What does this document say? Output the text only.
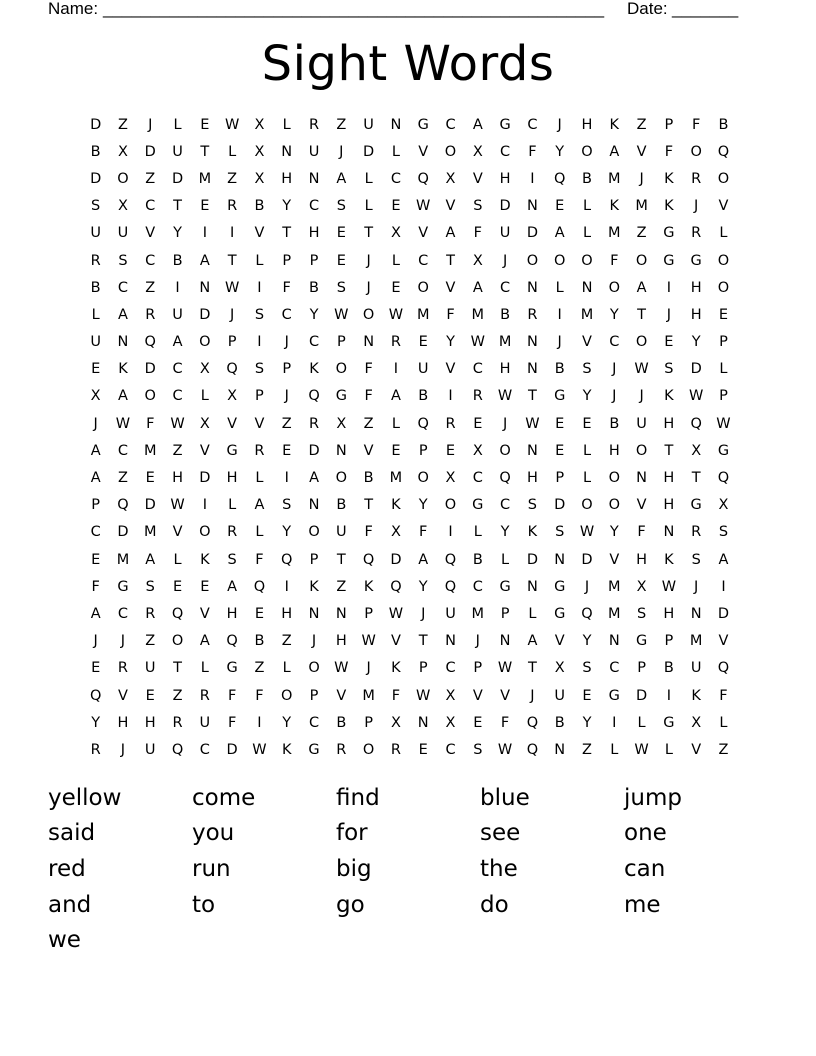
Name: _____________________________________________________ Date: _______
Sight Words
D	Z	J	L	E	W	X	L	R	Z	U	N	G	C	A	G	C	J	H	K	Z	P	F	B
B	X	D	U	T	L	X	N	U	J	D	L	V	O	X	C	F	Y	O	A	V	F	O	Q
D	O	Z	D	M	Z	X	H	N	A	L	C	Q	X	V	H	I	Q	B	M	J	K	R	O
S	X	C	T	E	R	B	Y	C	S	L	E	W	V	S	D	N	E	L	K	M	K	J	V
U	U	V	Y	I	I	V	T	H	E	T	X	V	A	F	U	D	A	L	M	Z	G	R	L
R	S	C	B	A	T	L	P	P	E	J	L	C	T	X	J	O	O	O	F	O	G	G	O
B	C	Z	I	N	W	I	F	B	S	J	E	O	V	A	C	N	L	N	O	A	I	H	O
L	A	R	U	D	J	S	C	Y	W O W M	F	M	B	R	I	M	Y	T	J	H	E
U	N	Q	A	O	P	I	J	C	P	N	R	E	Y	W M	N	J	V	C	O	E	Y	P
E	K	D	C	X	Q	S	P	K	O	F	I	U	V	C	H	N	B	S	J	W	S	D	L
X	A	O	C	L	X	P	J	Q	G	F	A	B	I	R	W	T	G	Y	J	J	K	W	P
J	W	F	W	X	V	V	Z	R	X	Z	L	Q	R	E	J	W	E	E	B	U	H	Q W
A	C	M	Z	V	G	R	E	D	N	V	E	P	E	X	O	N	E	L	H	O	T	X	G
A	Z	E	H	D	H	L	I	A	O	B	M	O	X	C	Q	H	P	L	O	N	H	T	Q
P	Q	D	W	I	L	A	S	N	B	T	K	Y	O	G	C	S	D	O	O	V	H	G	X
C	D	M	V	O	R	L	Y	O	U	F	X	F	I	L	Y	K	S	W	Y	F	N	R	S
E	M	A	L	K	S	F	Q	P	T	Q	D	A	Q	B	L	D	N	D	V	H	K	S	A
F	G	S	E	E	A	Q	I	K	Z	K	Q	Y	Q	C	G	N	G	J	M	X	W	J	I
A	C	R	Q	V	H	E	H	N	N	P	W	J	U	M	P	L	G	Q	M	S	H	N	D
J	J	Z	O	A	Q	B	Z	J	H	W	V	T	N	J	N	A	V	Y	N	G	P	M	V
E	R	U	T	L	G	Z	L	O W	J	K	P	C	P	W	T	X	S	C	P	B	U	Q
Q	V	E	Z	R	F	F	O	P	V	M	F	W	X	V	V	J	U	E	G	D	I	K	F
Y	H	H	R	U	F	I	Y	C	B	P	X	N	X	E	F	Q	B	Y	I	L	G	X	L
R	J	U	Q	C	D	W	K	G	R	O	R	E	C	S	W Q	N	Z	L	W	L	V	Z
yellow	come	find	blue	jump
said	you	for	see	one
red	run	big	the	can
and	to	go	do	me
we
